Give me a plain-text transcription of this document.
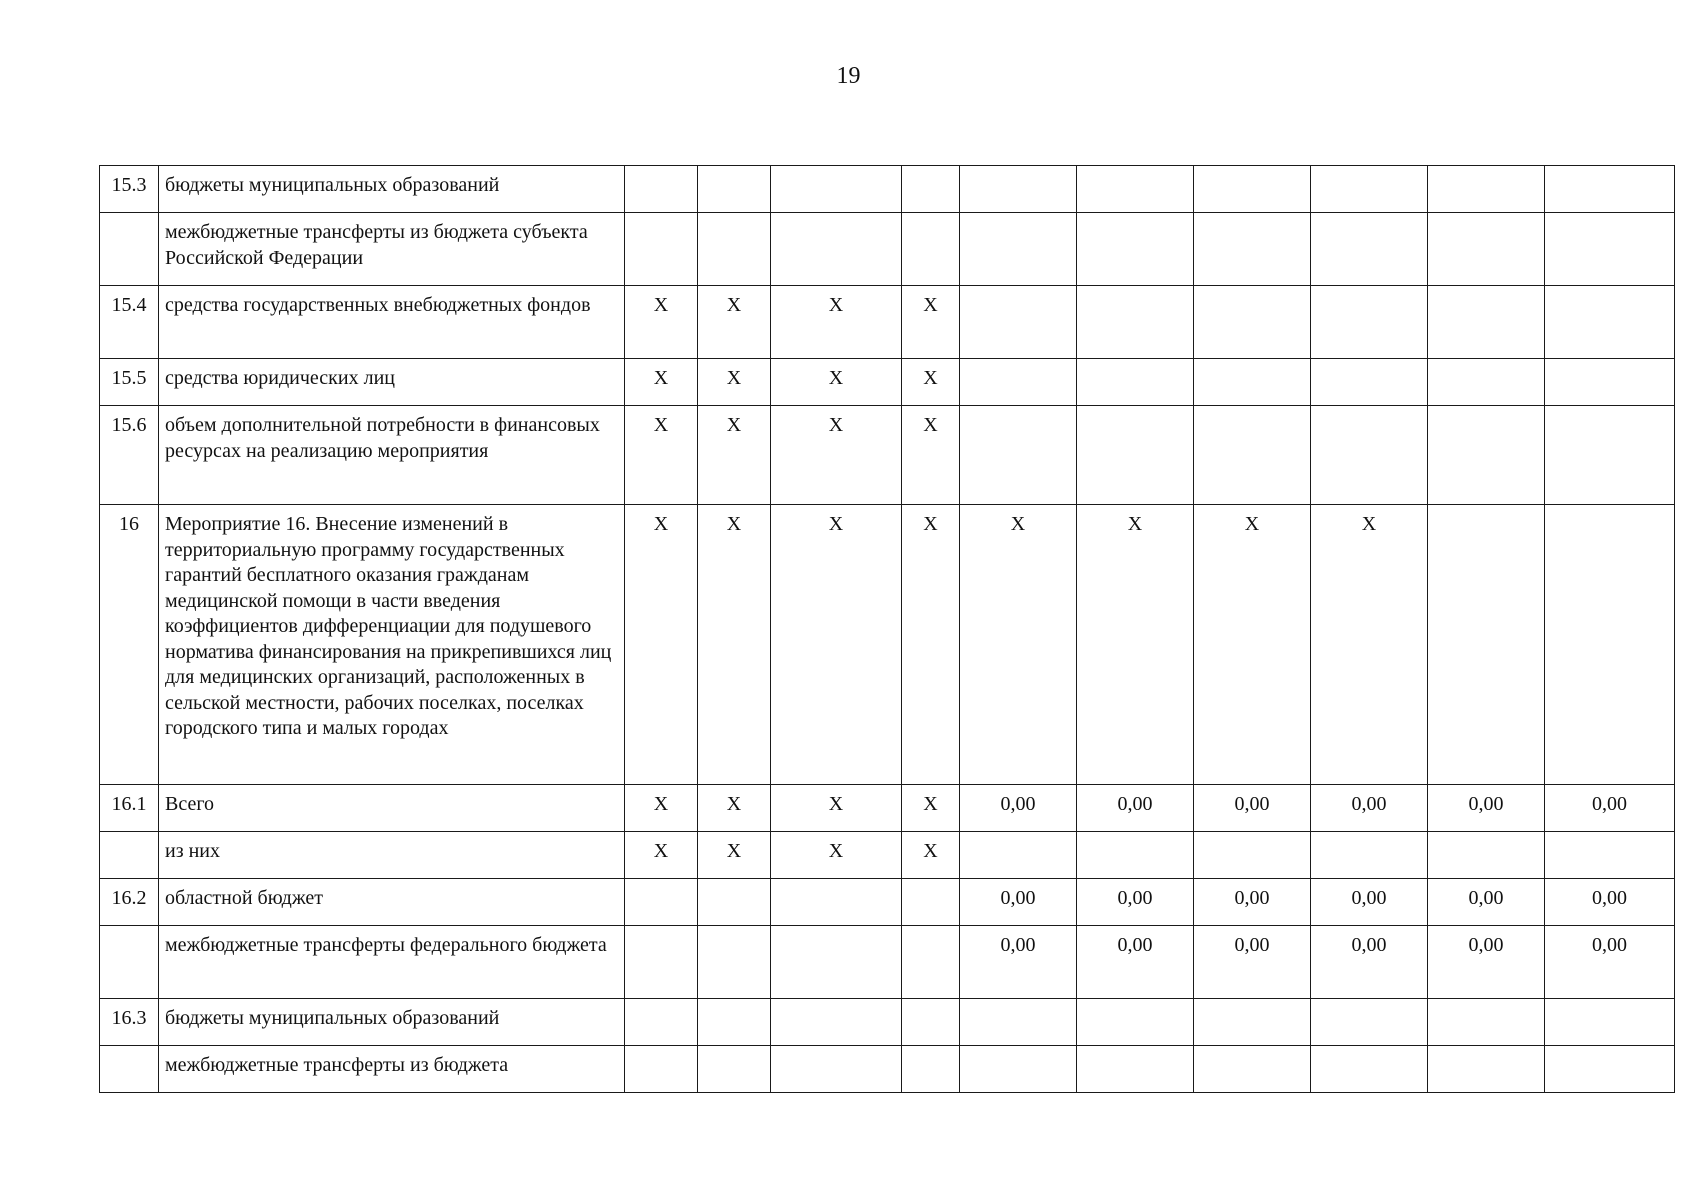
19
15.3	бюджеты муниципальных образований										
	межбюджетные трансферты из бюджета субъекта Российской Федерации										
15.4	средства государственных внебюджетных фондов	Х	Х	Х	Х						
15.5	средства юридических лиц	Х	Х	Х	Х						
15.6	объем дополнительной потребности в финансовых ресурсах на реализацию мероприятия	Х	Х	Х	Х						
16	Мероприятие 16. Внесение изменений в территориальную программу государственных гарантий бесплатного оказания гражданам медицинской помощи в части введения коэффициентов дифференциации для подушевого норматива финансирования на прикрепившихся лиц для медицинских организаций, расположенных в сельской местности, рабочих поселках, поселках городского типа и малых городах	Х	Х	Х	Х	Х	Х	Х	Х		
16.1	Всего	Х	Х	Х	Х	0,00	0,00	0,00	0,00	0,00	0,00
	из них	Х	Х	Х	Х						
16.2	областной бюджет					0,00	0,00	0,00	0,00	0,00	0,00
	межбюджетные трансферты федерального бюджета					0,00	0,00	0,00	0,00	0,00	0,00
16.3	бюджеты муниципальных образований										
	межбюджетные трансферты из бюджета										
